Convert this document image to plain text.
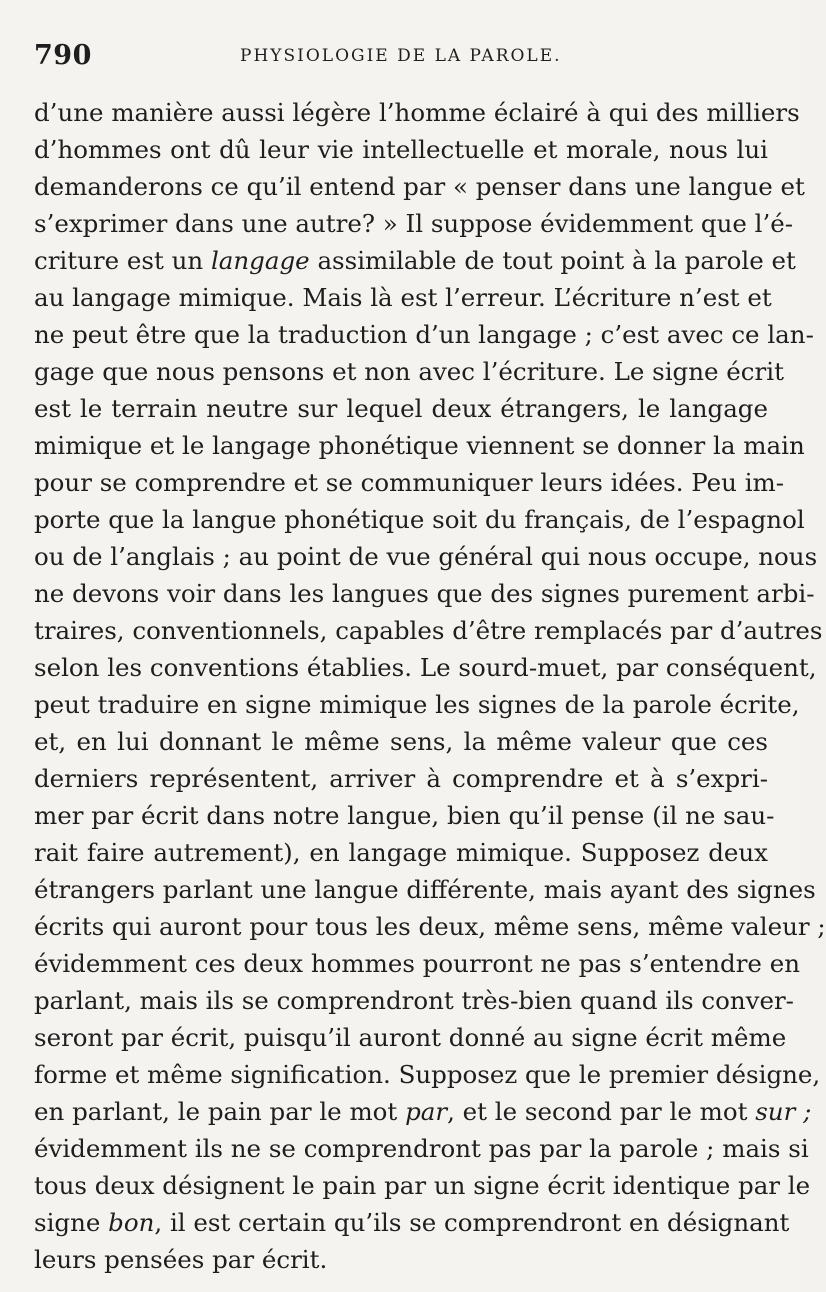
790	PHYSIOLOGIE DE LA PAROLE.
d’une manière aussi légère l’homme éclairé à qui des milliers
d’hommes ont dû leur vie intellectuelle et morale, nous lui
demanderons ce qu’il entend par « penser dans une langue et
s’exprimer dans une autre? » Il suppose évidemment que l’é-
criture est un langage assimilable de tout point à la parole et
au langage mimique. Mais là est l’erreur. L’écriture n’est et
ne peut être que la traduction d’un langage ; c’est avec ce lan-
gage que nous pensons et non avec l’écriture. Le signe écrit
est le terrain neutre sur lequel deux étrangers, le langage
mimique et le langage phonétique viennent se donner la main
pour se comprendre et se communiquer leurs idées. Peu im-
porte que la langue phonétique soit du français, de l’espagnol
ou de l’anglais ; au point de vue général qui nous occupe, nous
ne devons voir dans les langues que des signes purement arbi-
traires, conventionnels, capables d’être remplacés par d’autres
selon les conventions établies. Le sourd-muet, par conséquent,
peut traduire en signe mimique les signes de la parole écrite,
et, en lui donnant le même sens, la même valeur que ces
derniers représentent, arriver à comprendre et à s’expri-
mer par écrit dans notre langue, bien qu’il pense (il ne sau-
rait faire autrement), en langage mimique. Supposez deux
étrangers parlant une langue différente, mais ayant des signes
écrits qui auront pour tous les deux, même sens, même valeur ;
évidemment ces deux hommes pourront ne pas s’entendre en
parlant, mais ils se comprendront très-bien quand ils conver-
seront par écrit, puisqu’il auront donné au signe écrit même
forme et même signification. Supposez que le premier désigne,
en parlant, le pain par le mot par, et le second par le mot sur ;
évidemment ils ne se comprendront pas par la parole ; mais si
tous deux désignent le pain par un signe écrit identique par le
signe bon, il est certain qu’ils se comprendront en désignant
leurs pensées par écrit.
